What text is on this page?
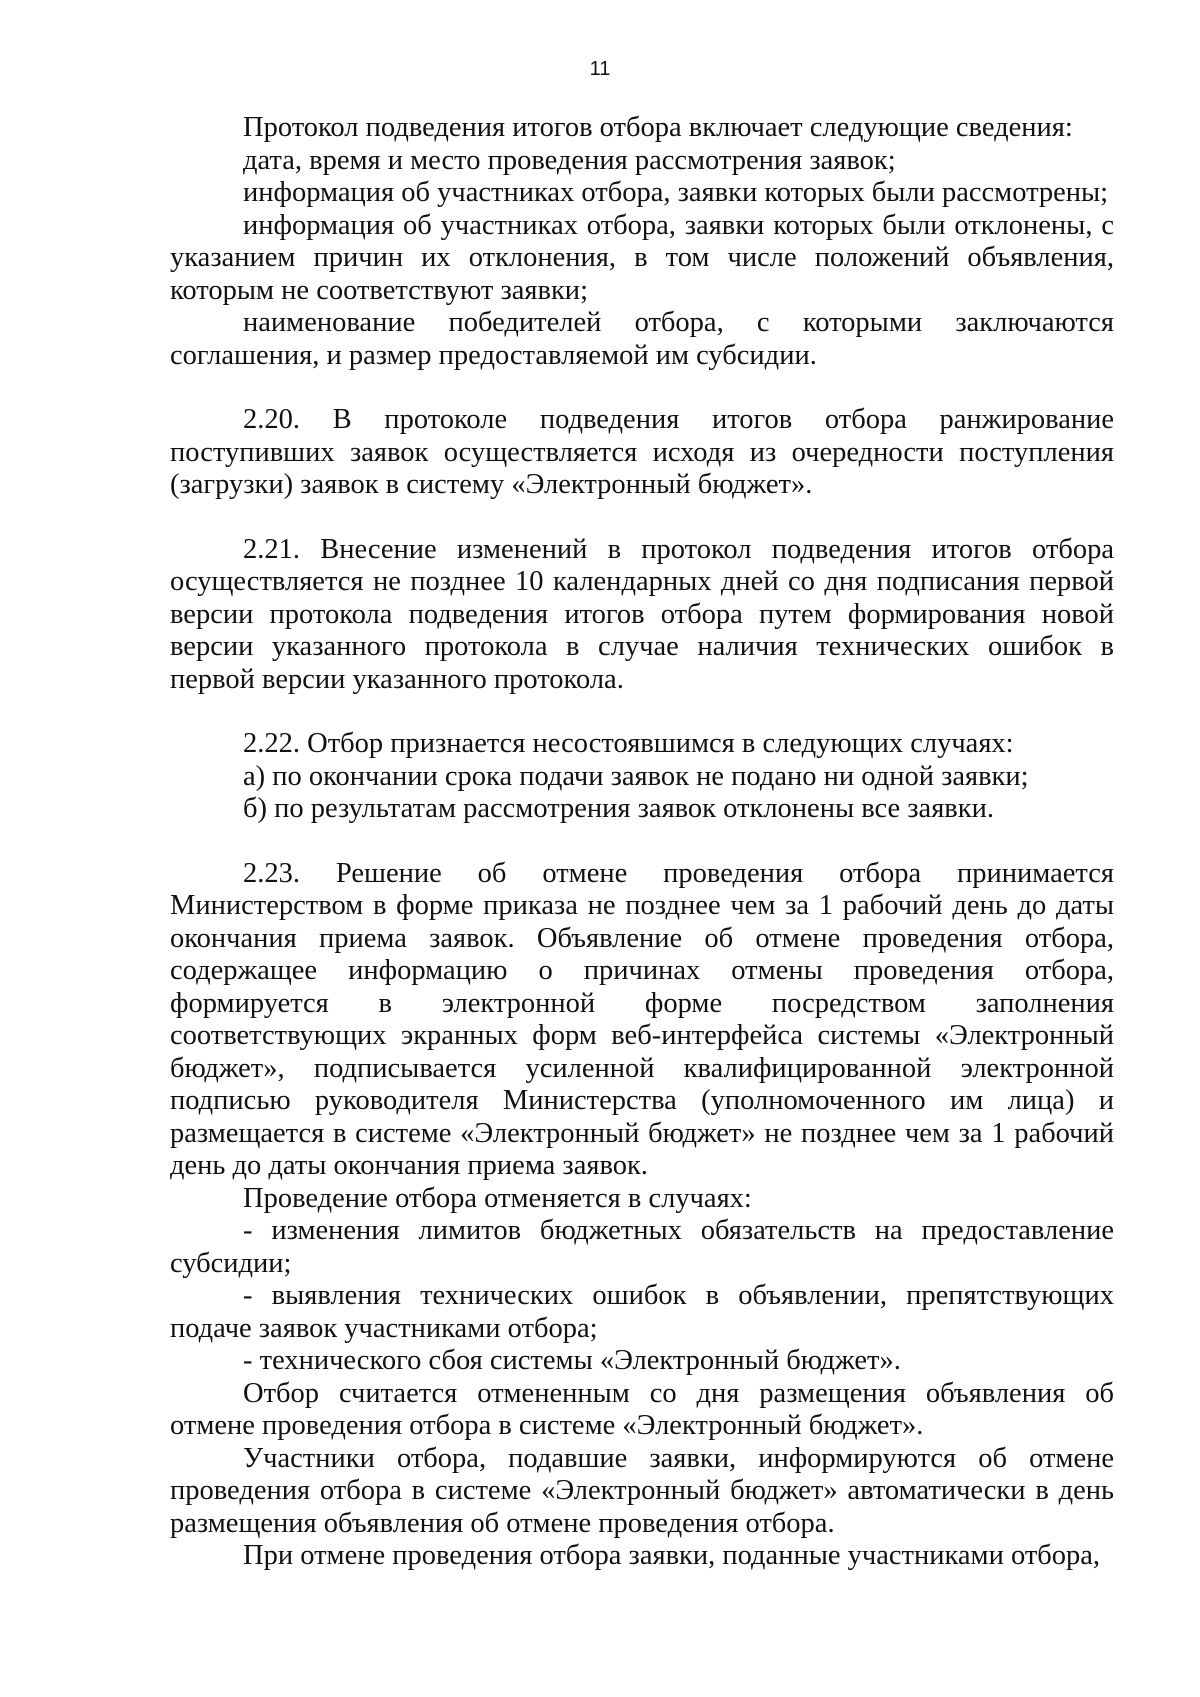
11

Протокол подведения итогов отбора включает следующие сведения:

дата, время и место проведения рассмотрения заявок;

информация об участниках отбора, заявки которых были рассмотрены;

информация об участниках отбора, заявки которых были отклонены, с указанием причин их отклонения, в том числе положений объявления, которым не соответствуют заявки;

наименование победителей отбора, с которыми заключаются соглашения, и размер предоставляемой им субсидии.

2.20. В протоколе подведения итогов отбора ранжирование поступивших заявок осуществляется исходя из очередности поступления (загрузки) заявок в систему «Электронный бюджет».

2.21. Внесение изменений в протокол подведения итогов отбора осуществляется не позднее 10 календарных дней со дня подписания первой версии протокола подведения итогов отбора путем формирования новой версии указанного протокола в случае наличия технических ошибок в первой версии указанного протокола.

2.22. Отбор признается несостоявшимся в следующих случаях:

а) по окончании срока подачи заявок не подано ни одной заявки;

б) по результатам рассмотрения заявок отклонены все заявки.

2.23. Решение об отмене проведения отбора принимается Министерством в форме приказа не позднее чем за 1 рабочий день до даты окончания приема заявок. Объявление об отмене проведения отбора, содержащее информацию о причинах отмены проведения отбора, формируется в электронной форме посредством заполнения соответствующих экранных форм веб-интерфейса системы «Электронный бюджет», подписывается усиленной квалифицированной электронной подписью руководителя Министерства (уполномоченного им лица) и размещается в системе «Электронный бюджет» не позднее чем за 1 рабочий день до даты окончания приема заявок.

Проведение отбора отменяется в случаях:

- изменения лимитов бюджетных обязательств на предоставление субсидии;

- выявления технических ошибок в объявлении, препятствующих подаче заявок участниками отбора;

- технического сбоя системы «Электронный бюджет».

Отбор считается отмененным со дня размещения объявления об отмене проведения отбора в системе «Электронный бюджет».

Участники отбора, подавшие заявки, информируются об отмене проведения отбора в системе «Электронный бюджет» автоматически в день размещения объявления об отмене проведения отбора.

При отмене проведения отбора заявки, поданные участниками отбора,
